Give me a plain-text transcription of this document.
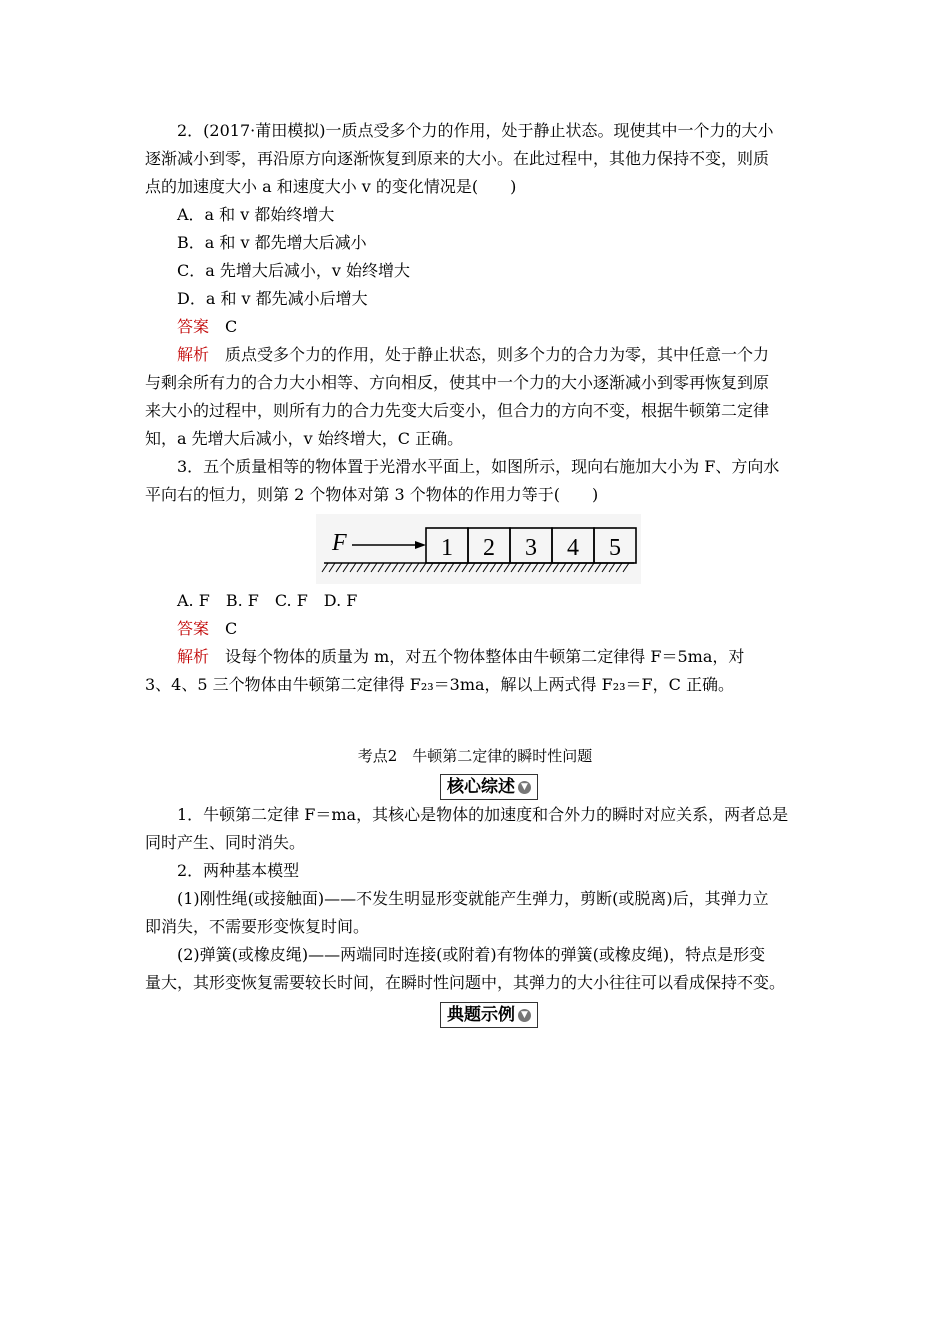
2．(2017·莆田模拟)一质点受多个力的作用，处于静止状态。现使其中一个力的大小
逐渐减小到零，再沿原方向逐渐恢复到原来的大小。在此过程中，其他力保持不变，则质
点的加速度大小 a 和速度大小 v 的变化情况是(　　)
A．a 和 v 都始终增大
B．a 和 v 都先增大后减小
C．a 先增大后减小，v 始终增大
D．a 和 v 都先减小后增大
答案　 C
解析　 质点受多个力的作用，处于静止状态，则多个力的合力为零，其中任意一个力
与剩余所有力的合力大小相等、方向相反，使其中一个力的大小逐渐减小到零再恢复到原
来大小的过程中，则所有力的合力先变大后变小，但合力的方向不变，根据牛顿第二定律
知，a 先增大后减小，v 始终增大，C 正确。
3．五个质量相等的物体置于光滑水平面上，如图所示，现向右施加大小为 F、方向水
平向右的恒力，则第 2 个物体对第 3 个物体的作用力等于(　　)
F	1 2 3 4 5
A. F　B. F　C. F　D. F
答案　 C
解析　 设每个物体的质量为 m，对五个物体整体由牛顿第二定律得 F＝5ma，对
3、4、5 三个物体由牛顿第二定律得 F₂₃＝3ma，解以上两式得 F₂₃＝F，C 正确。
考点2　牛顿第二定律的瞬时性问题
核心综述 ▼
1．牛顿第二定律 F＝ma，其核心是物体的加速度和合外力的瞬时对应关系，两者总是
同时产生、同时消失。
2．两种基本模型
(1)刚性绳(或接触面)——不发生明显形变就能产生弹力，剪断(或脱离)后，其弹力立
即消失，不需要形变恢复时间。
(2)弹簧(或橡皮绳)——两端同时连接(或附着)有物体的弹簧(或橡皮绳)，特点是形变
量大，其形变恢复需要较长时间，在瞬时性问题中，其弹力的大小往往可以看成保持不变。
典题示例 ▼
